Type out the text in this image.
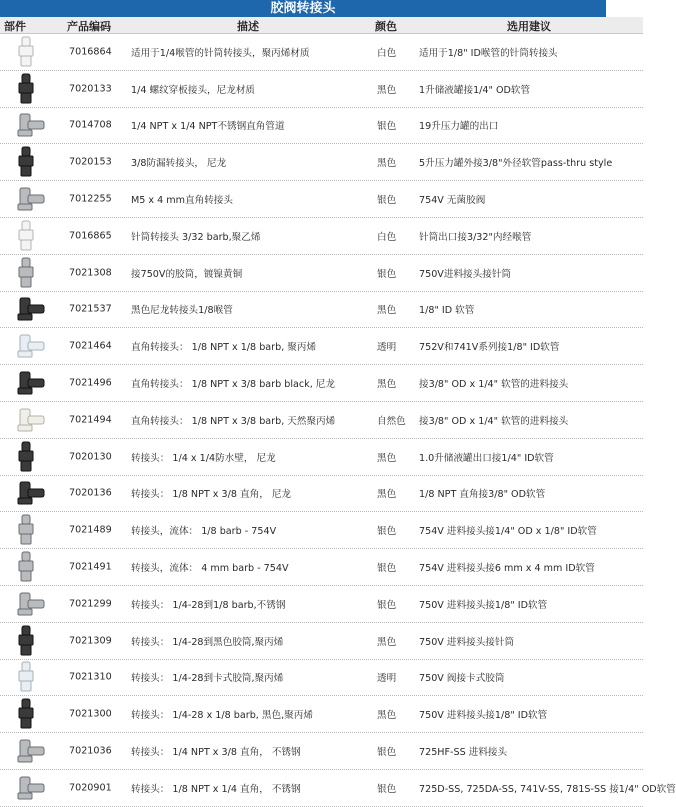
胶阀转接头
部件	产品编码	描述	颜色	选用建议
7016864 适用于1/4喉管的针筒转接头，聚丙烯材质	白色 适用于1/8" ID喉管的针筒转接头
7020133 1/4 螺纹穿板接头，尼龙材质	黑色 1升储液罐接1/4" OD软管
7014708 1/4 NPT x 1/4 NPT不锈钢直角管道	银色 19升压力罐的出口
7020153 3/8防漏转接头， 尼龙	黑色 5升压力罐外接3/8"外径软管pass-thru style
7012255 M5 x 4 mm直角转接头	银色 754V 无菌胶阀
7016865 针筒转接头 3/32 barb,聚乙烯	白色 针筒出口接3/32"内经喉管
7021308 接750V的胶筒，镀镍黄铜	银色 750V进料接头接针筒
7021537 黑色尼龙转接头1/8喉管	黑色 1/8" ID 软管
7021464 直角转接头： 1/8 NPT x 1/8 barb, 聚丙烯	透明 752V和741V系列接1/8" ID软管
7021496 直角转接头： 1/8 NPT x 3/8 barb black, 尼龙	黑色 接3/8" OD x 1/4" 软管的进料接头
7021494 直角转接头： 1/8 NPT x 3/8 barb, 天然聚丙烯	自然色 接3/8" OD x 1/4" 软管的进料接头
7020130 转接头： 1/4 x 1/4防水壁， 尼龙	黑色 1.0升储液罐出口接1/4" ID软管
7020136 转接头： 1/8 NPT x 3/8 直角， 尼龙	黑色 1/8 NPT 直角接3/8" OD软管
7021489 转接头，流体： 1/8 barb - 754V	银色 754V 进料接头接1/4" OD x 1/8" ID软管
7021491 转接头，流体： 4 mm barb - 754V	银色 754V 进料接头接6 mm x 4 mm ID软管
7021299 转接头： 1/4-28到1/8 barb,不锈钢	银色 750V 进料接头接1/8" ID软管
7021309 转接头： 1/4-28到黑色胶筒,聚丙烯	黑色 750V 进料接头接针筒
7021310 转接头： 1/4-28到卡式胶筒,聚丙烯	透明 750V 阀接卡式胶筒
7021300 转接头： 1/4-28 x 1/8 barb, 黑色,聚丙烯	黑色 750V 进料接头接1/8" ID软管
7021036 转接头： 1/4 NPT x 3/8 直角， 不锈钢	银色 725HF-SS 进料接头
7020901 转接头： 1/8 NPT x 1/4 直角， 不锈钢	银色 725D-SS, 725DA-SS, 741V-SS, 781S-SS 接1/4" OD软管
